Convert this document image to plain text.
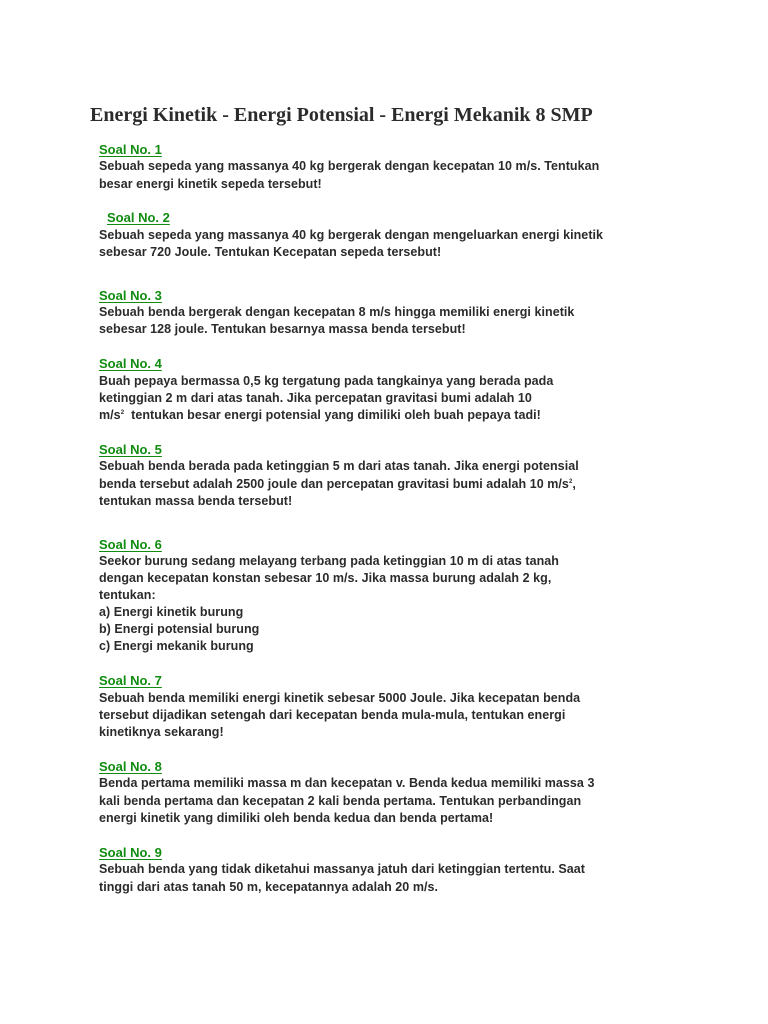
Energi Kinetik - Energi Potensial - Energi Mekanik 8 SMP
Soal No. 1
Sebuah sepeda yang massanya 40 kg bergerak dengan kecepatan 10 m/s. Tentukan
besar energi kinetik sepeda tersebut!
Soal No. 2
Sebuah sepeda yang massanya 40 kg bergerak dengan mengeluarkan energi kinetik
sebesar 720 Joule. Tentukan Kecepatan sepeda tersebut!
Soal No. 3
Sebuah benda bergerak dengan kecepatan 8 m/s hingga memiliki energi kinetik
sebesar 128 joule. Tentukan besarnya massa benda tersebut!
Soal No. 4
Buah pepaya bermassa 0,5 kg tergatung pada tangkainya yang berada pada
ketinggian 2 m dari atas tanah. Jika percepatan gravitasi bumi adalah 10
$m/s^2$ tentukan besar energi potensial yang dimiliki oleh buah pepaya tadi!
Soal No. 5
Sebuah benda berada pada ketinggian 5 m dari atas tanah. Jika energi potensial
benda tersebut adalah 2500 joule dan percepatan gravitasi bumi adalah 10 $m/s^2$,
tentukan massa benda tersebut!
Soal No. 6
Seekor burung sedang melayang terbang pada ketinggian 10 m di atas tanah
dengan kecepatan konstan sebesar 10 m/s. Jika massa burung adalah 2 kg,
tentukan:
a) Energi kinetik burung
b) Energi potensial burung
c) Energi mekanik burung
Soal No. 7
Sebuah benda memiliki energi kinetik sebesar 5000 Joule. Jika kecepatan benda
tersebut dijadikan setengah dari kecepatan benda mula-mula, tentukan energi
kinetiknya sekarang!
Soal No. 8
Benda pertama memiliki massa m dan kecepatan v. Benda kedua memiliki massa 3
kali benda pertama dan kecepatan 2 kali benda pertama. Tentukan perbandingan
energi kinetik yang dimiliki oleh benda kedua dan benda pertama!
Soal No. 9
Sebuah benda yang tidak diketahui massanya jatuh dari ketinggian tertentu. Saat
tinggi dari atas tanah 50 m, kecepatannya adalah 20 m/s.
